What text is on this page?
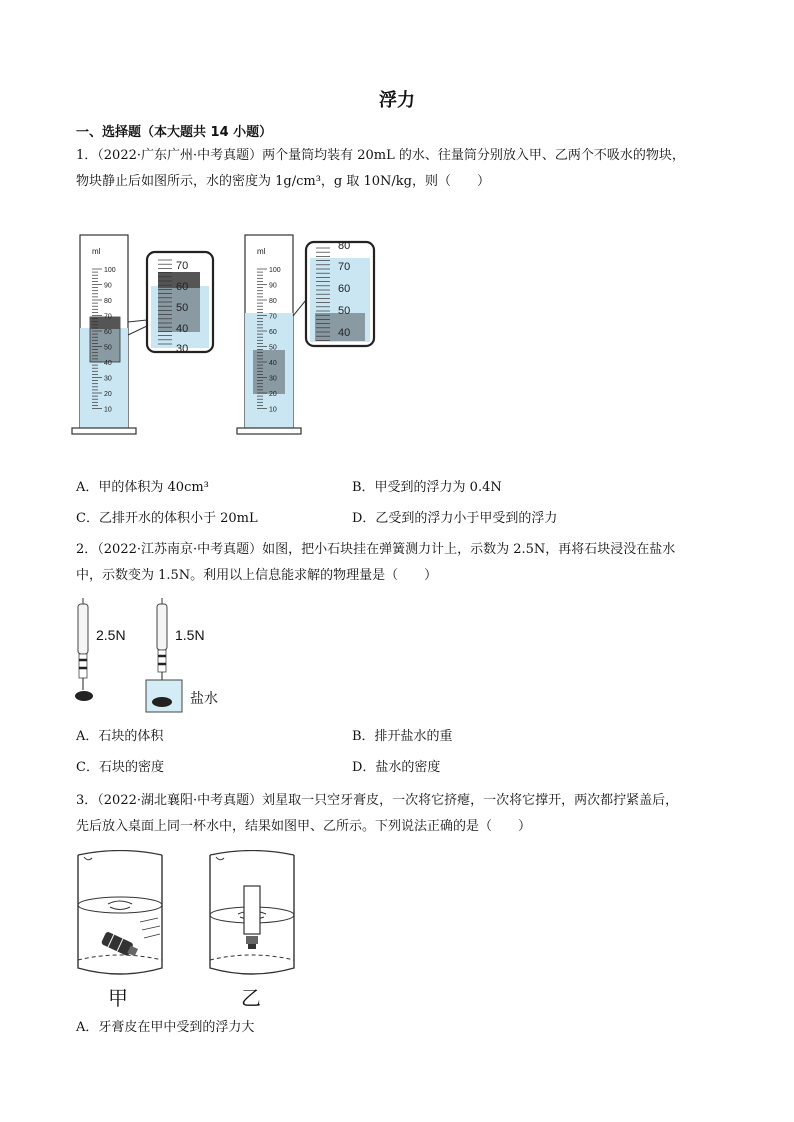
浮力
一、选择题（本大题共 14 小题）
1．（2022·广东广州·中考真题）两个量筒均装有 20mL 的水、往量筒分别放入甲、乙两个不吸水的物块，
物块静止后如图所示，水的密度为 1g/cm³，g 取 10N/kg，则（　　）
ml
100
90
80
70
60
50
40
30
20
10
70
60
50
40
30
ml
100
90
80
70
60
50
40
30
20
10
80
70
60
50
40
A．甲的体积为 40cm³	B．甲受到的浮力为 0.4N
C．乙排开水的体积小于 20mL	D．乙受到的浮力小于甲受到的浮力
2．（2022·江苏南京·中考真题）如图，把小石块挂在弹簧测力计上，示数为 2.5N，再将石块浸没在盐水
中，示数变为 1.5N。利用以上信息能求解的物理量是（　　）
2.5N	1.5N
盐水
A．石块的体积	B．排开盐水的重
C．石块的密度	D．盐水的密度
3．（2022·湖北襄阳·中考真题）刘星取一只空牙膏皮，一次将它挤瘪，一次将它撑开，两次都拧紧盖后，
先后放入桌面上同一杯水中，结果如图甲、乙所示。下列说法正确的是（　　）
甲	乙
A．牙膏皮在甲中受到的浮力大
